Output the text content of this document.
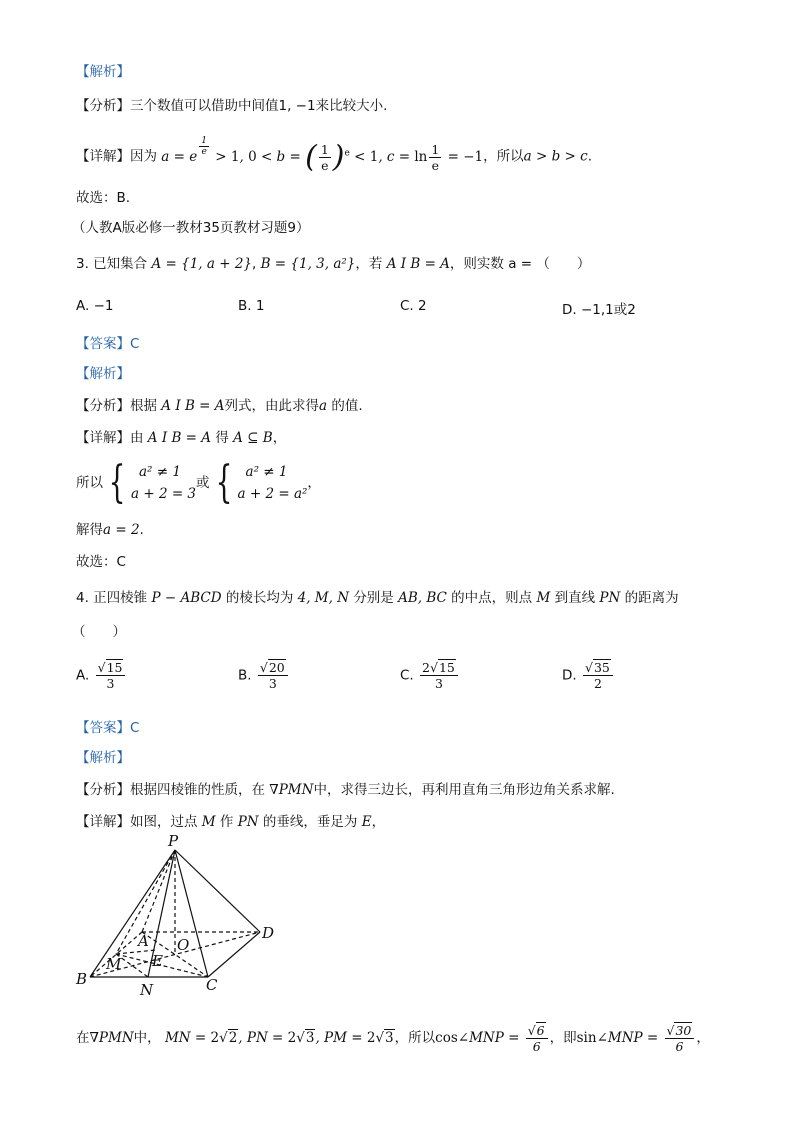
【解析】
【分析】三个数值可以借助中间值1, −1来比较大小.
【详解】因为 a = e $^{\frac{1}{e}}$ > 1, 0 < b = ( $\frac{1}{e} )^e < 1$, $c = \ln \frac{1}{e} = -1$，所以a > b > c.
故选：B.
（人教A版必修一教材35页教材习题9）
3. 已知集合 A = {1, a + 2}, B = {1, 3, a²}，若 A I B = A，则实数 a = （　　）
A. −1	B. 1	C. 2	D. −1,1或2
【答案】C
【解析】
【分析】根据 A I B = A列式，由此求得a 的值.
【详解】由 A I B = A 得 A ⊆ B，
所以 {	a² ≠ 1
a + 2 = 3
或 {	a² ≠ 1
a + 2 = a²
，
解得a = 2.
故选：C
4. 正四棱锥 P − ABCD 的棱长均为 4, M, N 分别是 AB, BC 的中点，则点 M 到直线 PN 的距离为
（　　）
A. $\frac{√15}{3}$	B. $\frac{√20}{3}$	C. $\frac{2√15}{3}$	D. $\frac{√35}{2}$
【答案】C
【解析】
【分析】根据四棱锥的性质，在 ∇PMN中，求得三边长，再利用直角三角形边角关系求解.
【详解】如图，过点 M 作 PN 的垂线，垂足为 E，
P
A O
D
M E
B
N	C
在∇PMN中， MN = 2√2, PN = 2√3, PM = 2√3，所以cos∠MNP = $\frac{√6}{6}$ ，即sin∠MNP = $\frac{√30}{6}$ ，
